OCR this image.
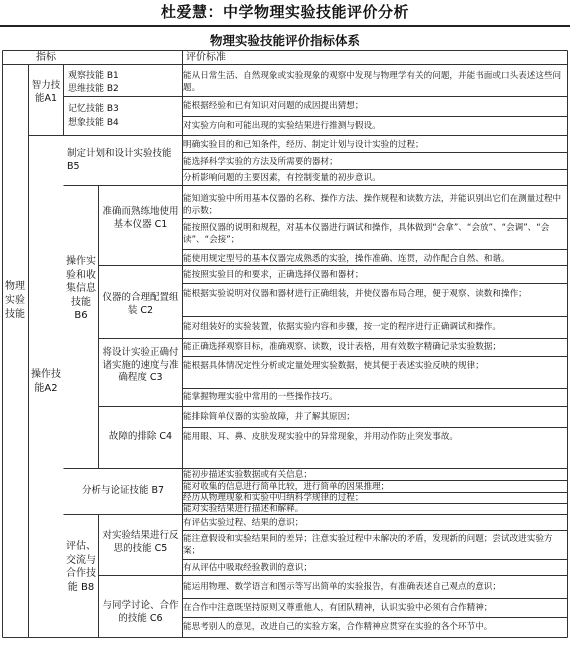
杜爱慧：中学物理实验技能评价分析
物理实验技能评价指标体系
指标	评价标准
物理实验技能
智力技能A1
观察技能 B1
思维技能 B2
记忆技能 B3
想象技能 B4
能从日常生活、自然现象或实验现象的观察中发现与物理学有关的问题，并能书面或口头表述这些问题。
能根据经验和已有知识对问题的成因提出猜想；
对实验方向和可能出现的实验结果进行推测与假设。
操作技能A2
制定计划和设计实验技能 B5
明确实验目的和已知条件，经历、制定计划与设计实验的过程；
能选择科学实验的方法及所需要的器材；
分析影响问题的主要因素，有控制变量的初步意识。
操作实验和收集信息技能 B6
准确而熟练地使用基本仪器 C1
能知道实验中所用基本仪器的名称、操作方法、操作规程和读数方法，并能识别出它们在测量过程中的示数；
能按照仪器的说明和规程，对基本仪器进行调试和操作，具体做到“会拿”、“会放”、“会调”、“会读”、“会接”；
能使用规定型号的基本仪器完成熟悉的实验，操作准确、连贯，动作配合自然、和谐。
仪器的合理配置组装 C2
能按照实验目的和要求，正确选择仪器和器材；
能根据实验说明对仪器和器材进行正确组装，并使仪器布局合理，便于观察、读数和操作；
能对组装好的实验装置，依据实验内容和步骤，按一定的程序进行正确调试和操作。
将设计实验正确付诸实施的速度与准确程度 C3
能正确选择观察目标，准确观察、读数，设计表格，用有效数字精确记录实验数据；
能根据具体情况定性分析或定量处理实验数据，使其便于表述实验反映的规律；
能掌握物理实验中常用的一些操作技巧。
故障的排除 C4
能排除简单仪器的实验故障，并了解其原因；
能用眼、耳、鼻、皮肤发现实验中的异常现象，并用动作防止突发事故。
分析与论证技能 B7
能初步描述实验数据或有关信息；
能对收集的信息进行简单比较，进行简单的因果推理；
经历从物理现象和实验中归纳科学规律的过程；
能对实验结果进行描述和解释。
评估、交流与合作技能 B8
对实验结果进行反思的技能 C5
有评估实验过程、结果的意识；
能注意假设和实验结果间的差异；注意实验过程中未解决的矛盾，发现新的问题；尝试改进实验方案；
有从评估中吸取经验教训的意识；
与同学讨论、合作的技能 C6
能运用物理、数学语言和图示等写出简单的实验报告，有准确表述自己观点的意识；
在合作中注意既坚持原则又尊重他人，有团队精神，认识实验中必须有合作精神；
能思考别人的意见，改进自己的实验方案，合作精神应贯穿在实验的各个环节中。
